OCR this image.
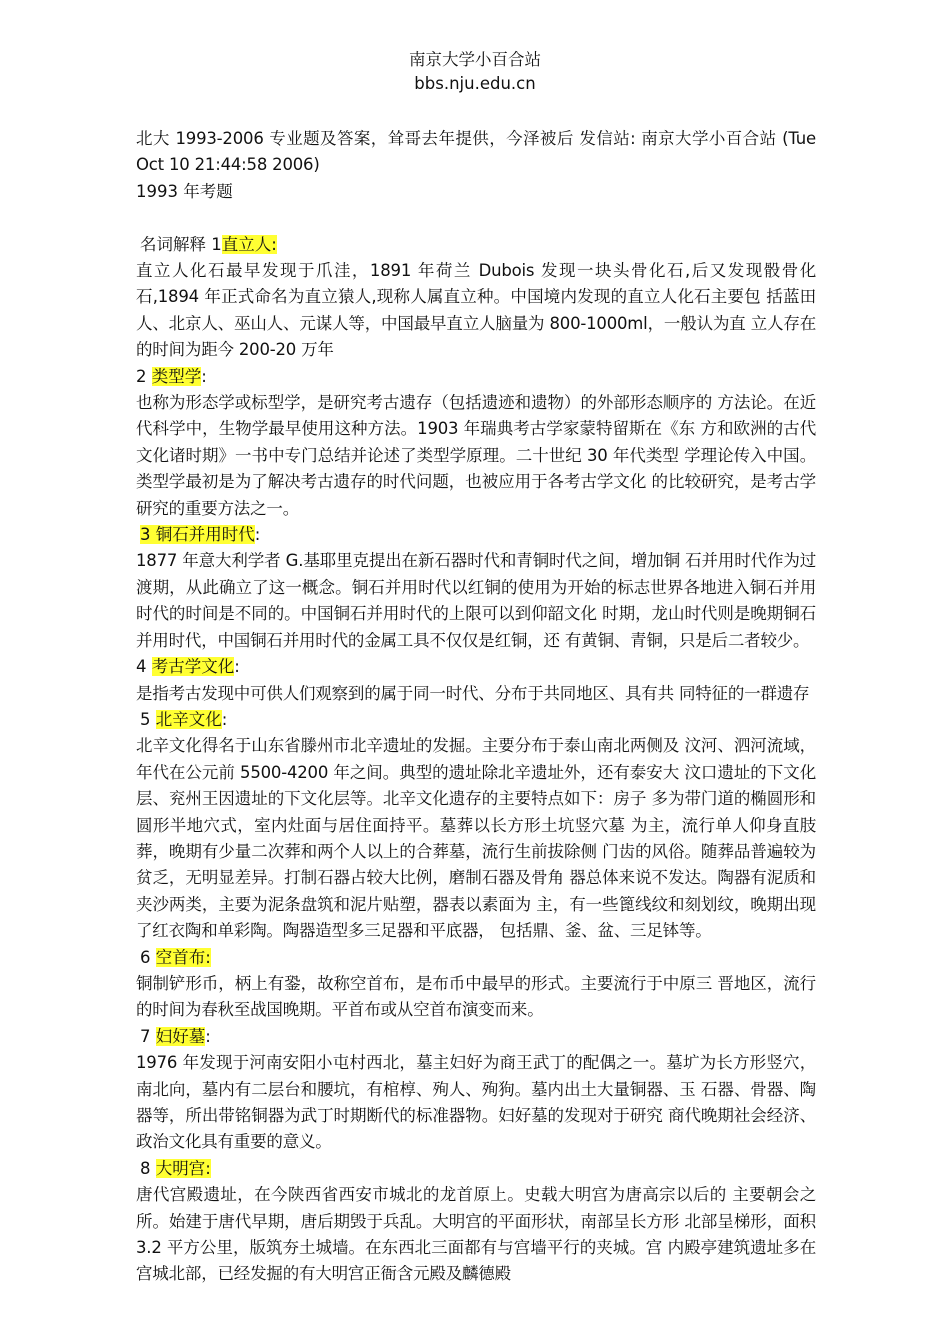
南京大学小百合站
bbs.nju.edu.cn
北大 1993-2006 专业题及答案，耸哥去年提供，今泽被后 发信站: 南京大学小百合站 (Tue Oct 10 21:44:58 2006)
1993 年考题
名词解释 1直立人:
直立人化石最早发现于爪洼，1891 年荷兰 Dubois 发现一块头骨化石,后又发现骰骨化石,1894 年正式命名为直立猿人,现称人属直立种。中国境内发现的直立人化石主要包 括蓝田人、北京人、巫山人、元谋人等，中国最早直立人脑量为 800-1000ml，一般认为直 立人存在的时间为距今 200-20 万年
2 类型学:
也称为形态学或标型学，是研究考古遗存（包括遗迹和遗物）的外部形态顺序的 方法论。在近代科学中，生物学最早使用这种方法。1903 年瑞典考古学家蒙特留斯在《东 方和欧洲的古代文化诸时期》一书中专门总结并论述了类型学原理。二十世纪 30 年代类型 学理论传入中国。类型学最初是为了解决考古遗存的时代问题，也被应用于各考古学文化 的比较研究，是考古学研究的重要方法之一。
3 铜石并用时代:
1877 年意大利学者 G.基耶里克提出在新石器时代和青铜时代之间，增加铜 石并用时代作为过渡期，从此确立了这一概念。铜石并用时代以红铜的使用为开始的标志世界各地进入铜石并用时代的时间是不同的。中国铜石并用时代的上限可以到仰韶文化 时期，龙山时代则是晚期铜石并用时代，中国铜石并用时代的金属工具不仅仅是红铜，还 有黄铜、青铜，只是后二者较少。
4 考古学文化:
是指考古发现中可供人们观察到的属于同一时代、分布于共同地区、具有共 同特征的一群遗存
5 北辛文化:
北辛文化得名于山东省滕州市北辛遗址的发掘。主要分布于泰山南北两侧及 汶河、泗河流域，年代在公元前 5500-4200 年之间。典型的遗址除北辛遗址外，还有泰安大 汶口遗址的下文化层、兖州王因遗址的下文化层等。北辛文化遗存的主要特点如下：房子 多为带门道的椭圆形和圆形半地穴式，室内灶面与居住面持平。墓葬以长方形土坑竖穴墓 为主，流行单人仰身直肢葬，晚期有少量二次葬和两个人以上的合葬墓，流行生前拔除侧 门齿的风俗。随葬品普遍较为贫乏，无明显差异。打制石器占较大比例，磨制石器及骨角 器总体来说不发达。陶器有泥质和夹沙两类，主要为泥条盘筑和泥片贴塑，器表以素面为 主，有一些篦线纹和刻划纹，晚期出现了红衣陶和单彩陶。陶器造型多三足器和平底器， 包括鼎、釜、盆、三足钵等。
6 空首布:
铜制铲形币，柄上有銎，故称空首布，是布币中最早的形式。主要流行于中原三 晋地区，流行的时间为春秋至战国晚期。平首布或从空首布演变而来。
7 妇好墓:
1976 年发现于河南安阳小屯村西北，墓主妇好为商王武丁的配偶之一。墓圹为长方形竖穴，南北向，墓内有二层台和腰坑，有棺椁、殉人、殉狗。墓内出土大量铜器、玉 石器、骨器、陶器等，所出带铭铜器为武丁时期断代的标准器物。妇好墓的发现对于研究 商代晚期社会经济、政治文化具有重要的意义。
8 大明宫:
唐代宫殿遗址，在今陕西省西安市城北的龙首原上。史载大明宫为唐高宗以后的 主要朝会之所。始建于唐代早期，唐后期毁于兵乱。大明宫的平面形状，南部呈长方形 北部呈梯形，面积 3.2 平方公里，版筑夯土城墙。在东西北三面都有与宫墙平行的夹城。宫 内殿亭建筑遗址多在宫城北部，已经发掘的有大明宫正衙含元殿及麟德殿
